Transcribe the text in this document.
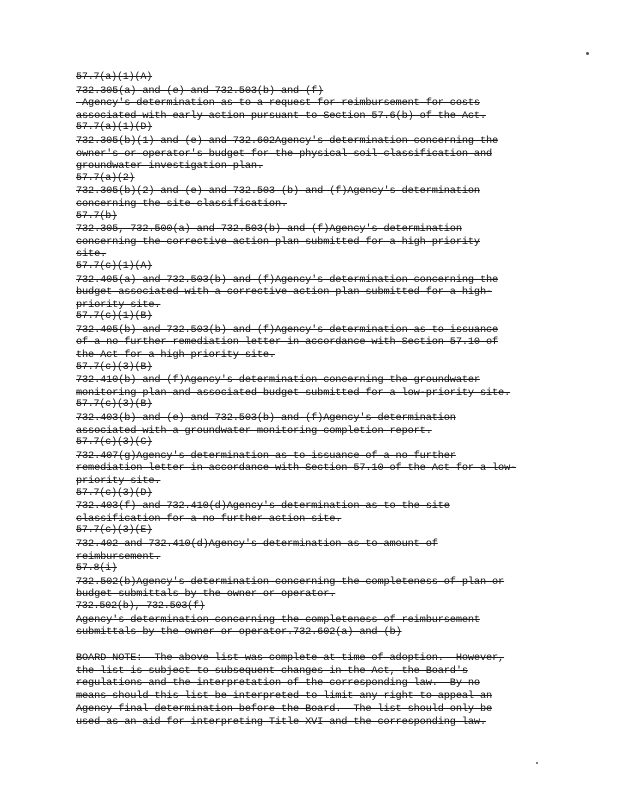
57.7(a)(1)(A)
732.305(a) and (e) and 732.503(b) and (f)
Agency's determination as to a request for reimbursement for costs
associated with early action pursuant to Section 57.6(b) of the Act.
57.7(a)(1)(D)
732.305(b)(1) and (e) and 732.602Agency's determination concerning the
owner's or operator's budget for the physical soil classification and
groundwater investigation plan.
57.7(a)(2)
732.305(b)(2) and (e) and 732.503 (b) and (f)Agency's determination
concerning the site classification.
57.7(b)
732.305, 732.500(a) and 732.503(b) and (f)Agency's determination
concerning the corrective action plan submitted for a high priority
site.
57.7(c)(1)(A)
732.405(a) and 732.503(b) and (f)Agency's determination concerning the
budget associated with a corrective action plan submitted for a high-
priority site.
57.7(c)(1)(B)
732.405(b) and 732.503(b) and (f)Agency's determination as to issuance
of a no further remediation letter in accordance with Section 57.10 of
the Act for a high priority site.
57.7(c)(3)(B)
732.410(b) and (f)Agency's determination concerning the groundwater
monitoring plan and associated budget submitted for a low-priority site.
57.7(c)(3)(B)
732.403(b) and (e) and 732.503(b) and (f)Agency's determination
associated with a groundwater monitoring completion report.
57.7(c)(3)(C)
732.407(g)Agency's determination as to issuance of a no further
remediation letter in accordance with Section 57.10 of the Act for a low-
priority site.
57.7(c)(3)(D)
732.403(f) and 732.410(d)Agency's determination as to the site
classification for a no further action site.
57.7(c)(3)(E)
732.402 and 732.410(d)Agency's determination as to amount of
reimbursement.
57.8(i)
732.502(b)Agency's determination concerning the completeness of plan or
budget submittals by the owner or operator.
732.502(b), 732.503(f)
Agency's determination concerning the completeness of reimbursement
submittals by the owner or operator.732.602(a) and (b)
BOARD NOTE:  The above list was complete at time of adoption.  However,
the list is subject to subsequent changes in the Act, the Board's
regulations and the interpretation of the corresponding law.  By no
means should this list be interpreted to limit any right to appeal an
Agency final determination before the Board.  The list should only be
used as an aid for interpreting Title XVI and the corresponding law.
